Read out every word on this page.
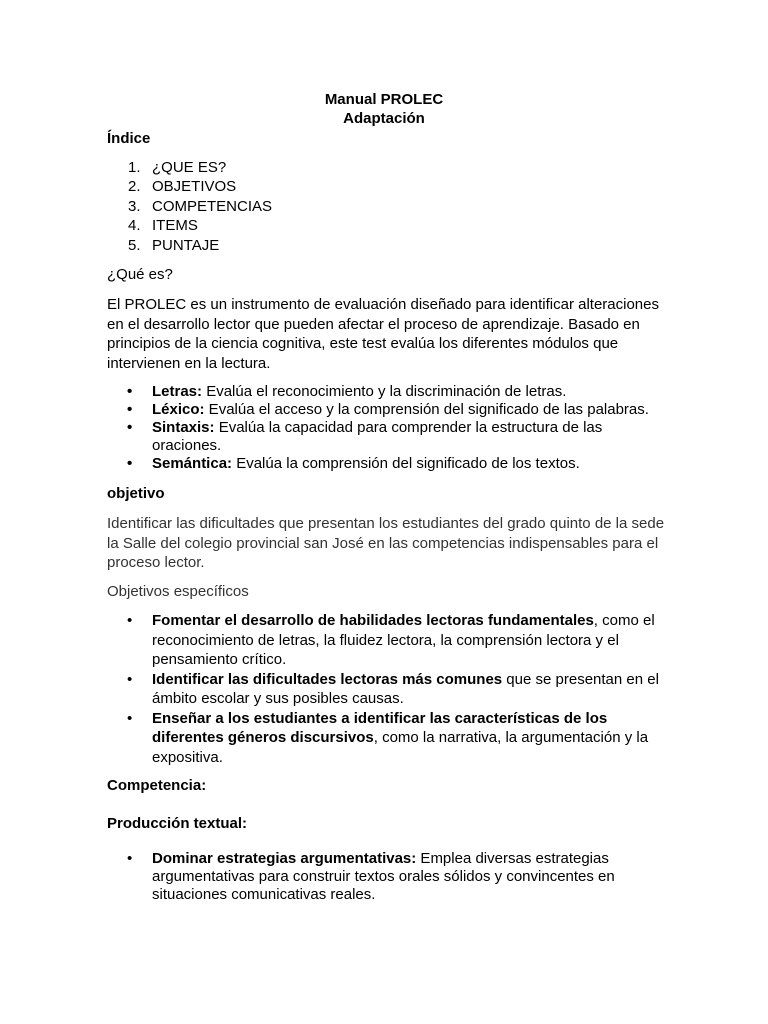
Manual PROLEC
Adaptación
Índice
1. ¿QUE ES?
2. OBJETIVOS
3. COMPETENCIAS
4. ITEMS
5. PUNTAJE
¿Qué es?
El PROLEC es un instrumento de evaluación diseñado para identificar alteraciones en el desarrollo lector que pueden afectar el proceso de aprendizaje. Basado en principios de la ciencia cognitiva, este test evalúa los diferentes módulos que intervienen en la lectura.
• Letras: Evalúa el reconocimiento y la discriminación de letras.
• Léxico: Evalúa el acceso y la comprensión del significado de las palabras.
• Sintaxis: Evalúa la capacidad para comprender la estructura de las oraciones.
• Semántica: Evalúa la comprensión del significado de los textos.
objetivo
Identificar las dificultades que presentan los estudiantes del grado quinto de la sede la Salle del colegio provincial san José en las competencias indispensables para el proceso lector.
Objetivos específicos
• Fomentar el desarrollo de habilidades lectoras fundamentales, como el reconocimiento de letras, la fluidez lectora, la comprensión lectora y el pensamiento crítico.
• Identificar las dificultades lectoras más comunes que se presentan en el ámbito escolar y sus posibles causas.
• Enseñar a los estudiantes a identificar las características de los diferentes géneros discursivos, como la narrativa, la argumentación y la expositiva.
Competencia:
Producción textual:
• Dominar estrategias argumentativas: Emplea diversas estrategias argumentativas para construir textos orales sólidos y convincentes en situaciones comunicativas reales.
